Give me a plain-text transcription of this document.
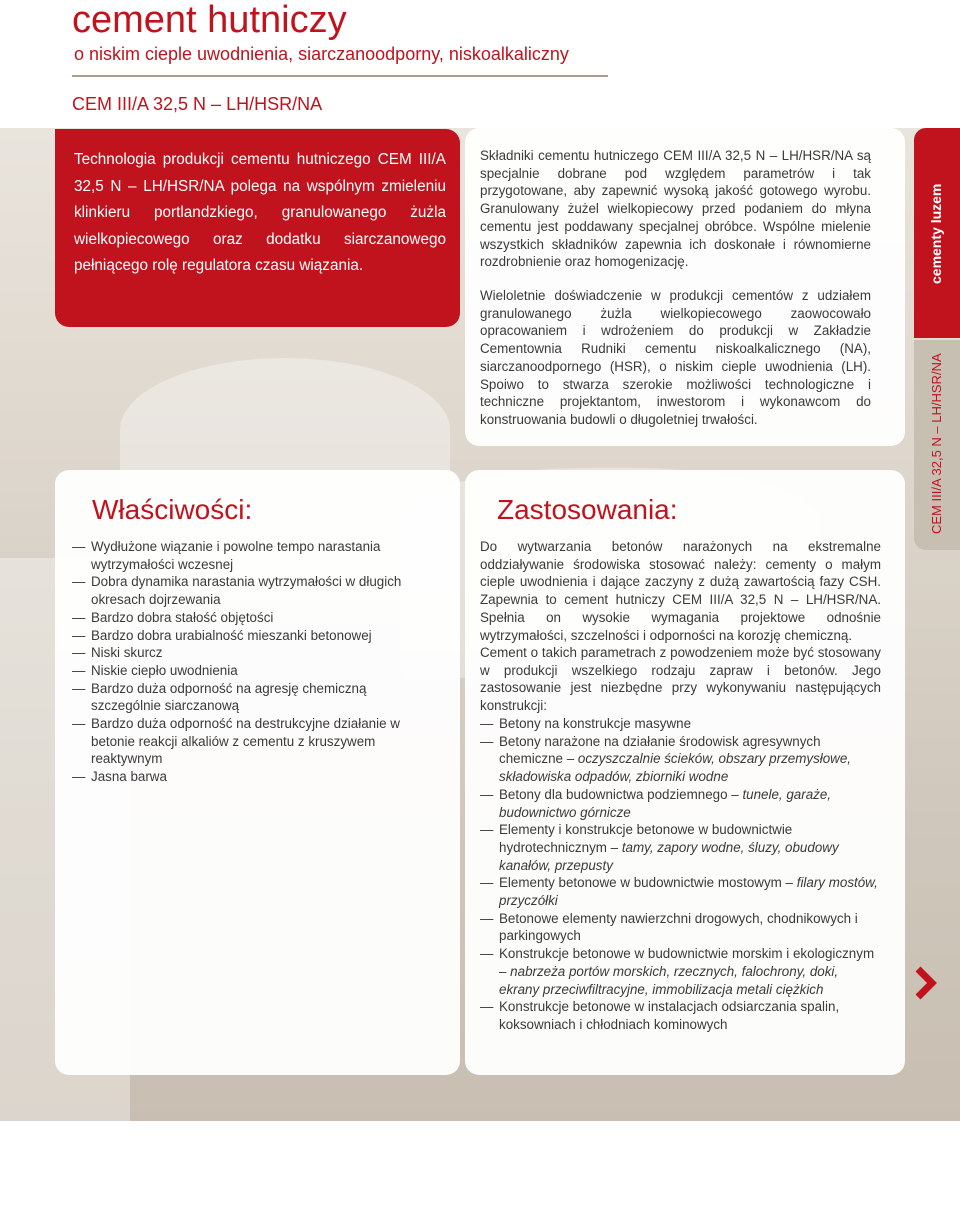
cement hutniczy
o niskim cieple uwodnienia, siarczanoodporny, niskoalkaliczny
CEM III/A 32,5 N – LH/HSR/NA
Technologia produkcji cementu hutniczego CEM III/A 32,5 N – LH/HSR/NA polega na wspólnym zmieleniu klinkieru portlandzkiego, granulowanego żużla wielkopiecowego oraz dodatku siarczanowego pełniącego rolę regulatora czasu wiązania.
Składniki cementu hutniczego CEM III/A 32,5 N – LH/HSR/NA są specjalnie dobrane pod względem parametrów i tak przygotowane, aby zapewnić wysoką jakość gotowego wyrobu. Granulowany żużel wielkopiecowy przed podaniem do młyna cementu jest poddawany specjalnej obróbce. Wspólne mielenie wszystkich składników zapewnia ich doskonałe i równomierne rozdrobnienie oraz homogenizację.
Wieloletnie doświadczenie w produkcji cementów z udziałem granulowanego żużla wielkopiecowego zaowocowało opracowaniem i wdrożeniem do produkcji w Zakładzie Cementownia Rudniki cementu niskoalkalicznego (NA), siarczanoodpornego (HSR), o niskim cieple uwodnienia (LH). Spoiwo to stwarza szerokie możliwości technologiczne i techniczne projektantom, inwestorom i wykonawcom do konstruowania budowli o długoletniej trwałości.
Właściwości:
— Wydłużone wiązanie i powolne tempo narastania wytrzymałości wczesnej
— Dobra dynamika narastania wytrzymałości w długich okresach dojrzewania
— Bardzo dobra stałość objętości
— Bardzo dobra urabialność mieszanki betonowej
— Niski skurcz
— Niskie ciepło uwodnienia
— Bardzo duża odporność na agresję chemiczną szczególnie siarczanową
— Bardzo duża odporność na destrukcyjne działanie w betonie reakcji alkaliów z cementu z kruszywem reaktywnym
— Jasna barwa
Zastosowania:
Do wytwarzania betonów narażonych na ekstremalne oddziaływanie środowiska stosować należy: cementy o małym cieple uwodnienia i dające zaczyny z dużą zawartością fazy CSH. Zapewnia to cement hutniczy CEM III/A 32,5 N – LH/HSR/NA. Spełnia on wysokie wymagania projektowe odnośnie wytrzymałości, szczelności i odporności na korozję chemiczną.
Cement o takich parametrach z powodzeniem może być stosowany w produkcji wszelkiego rodzaju zapraw i betonów. Jego zastosowanie jest niezbędne przy wykonywaniu następujących konstrukcji:
— Betony na konstrukcje masywne
— Betony narażone na działanie środowisk agresywnych chemiczne – oczyszczalnie ścieków, obszary przemysłowe, składowiska odpadów, zbiorniki wodne
— Betony dla budownictwa podziemnego – tunele, garaże, budownictwo górnicze
— Elementy i konstrukcje betonowe w budownictwie hydrotechnicznym – tamy, zapory wodne, śluzy, obudowy kanałów, przepusty
— Elementy betonowe w budownictwie mostowym – filary mostów, przyczółki
— Betonowe elementy nawierzchni drogowych, chodnikowych i parkingowych
— Konstrukcje betonowe w budownictwie morskim i ekologicznym – nabrzeża portów morskich, rzecznych, falochrony, doki, ekrany przeciwfiltracyjne, immobilizacja metali ciężkich
— Konstrukcje betonowe w instalacjach odsiarczania spalin, koksowniach i chłodniach kominowych
cementy luzem
CEM III/A 32,5 N – LH/HSR/NA
